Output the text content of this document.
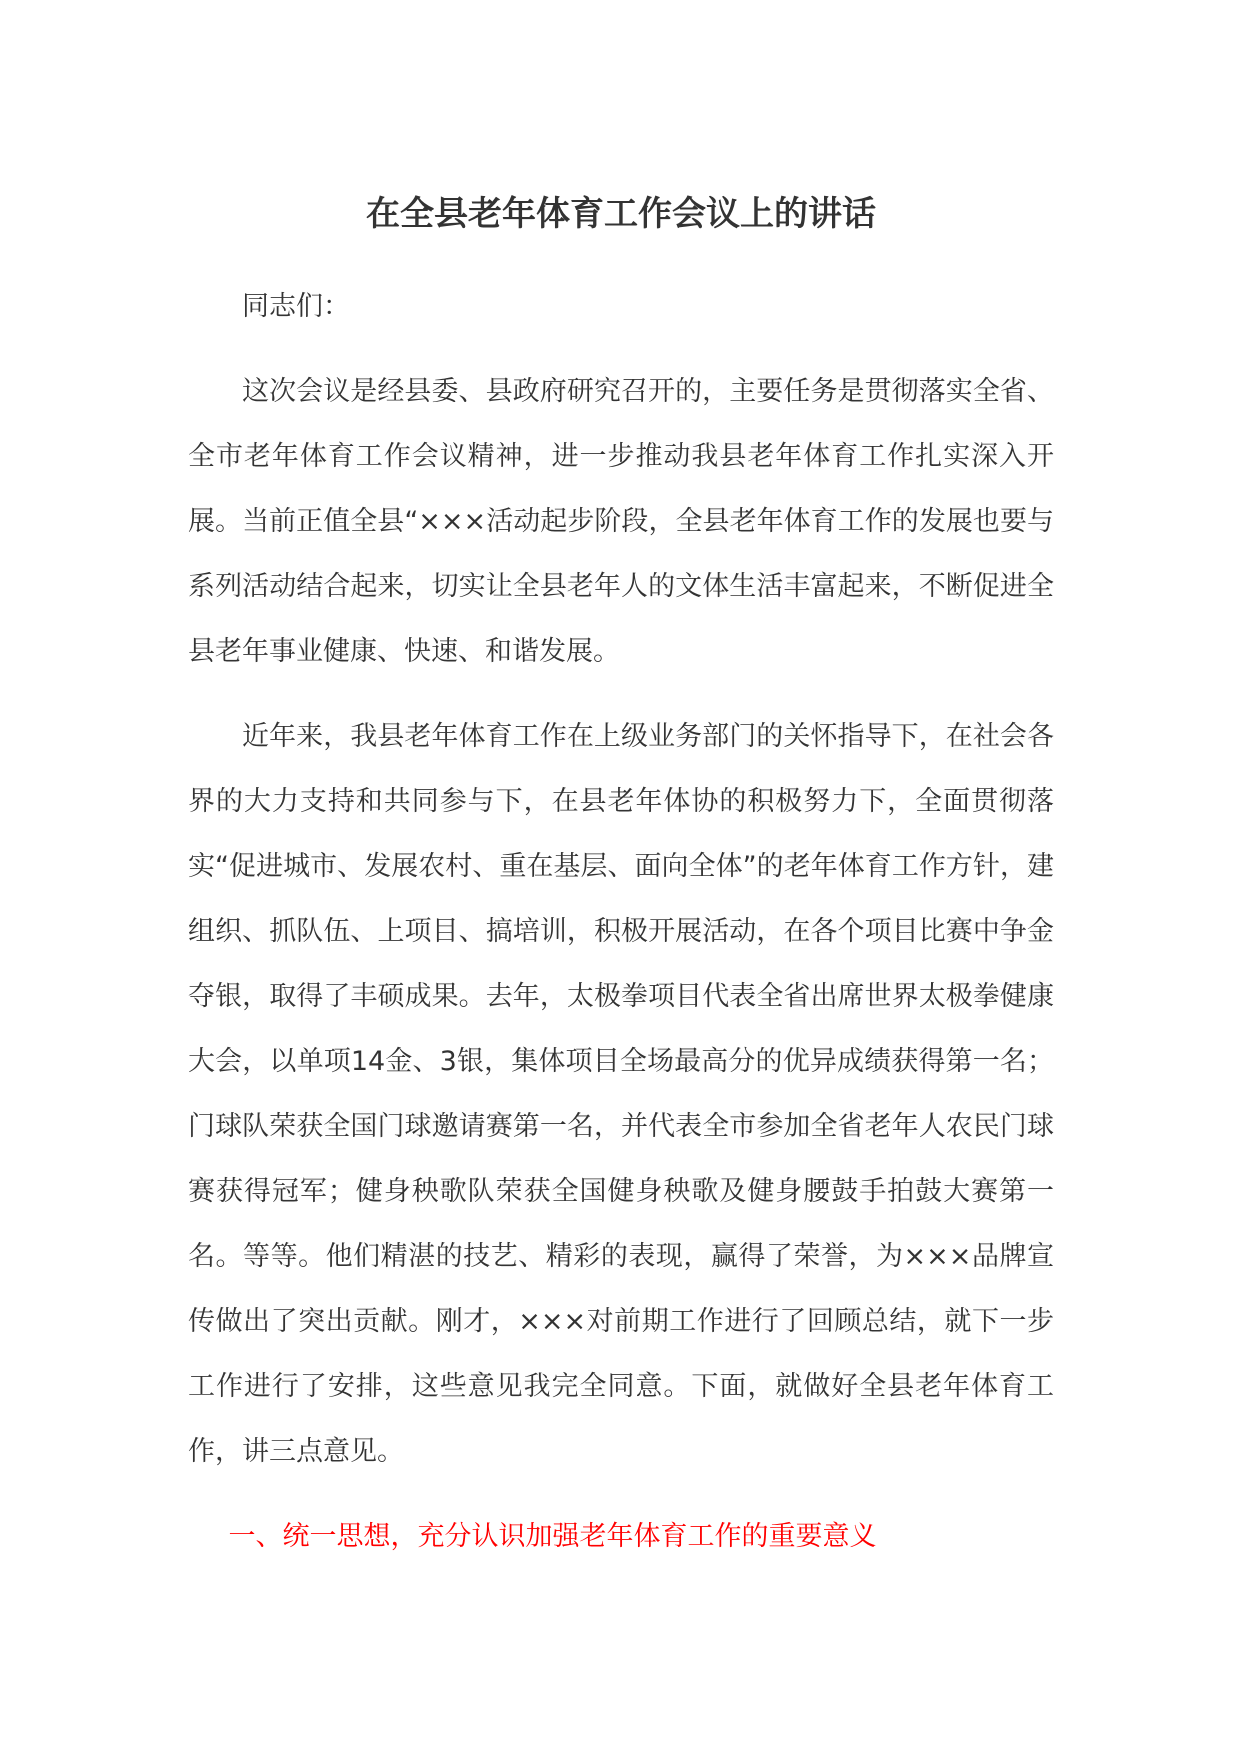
在全县老年体育工作会议上的讲话

同志们：

这次会议是经县委、县政府研究召开的，主要任务是贯彻落实全省、全市老年体育工作会议精神，进一步推动我县老年体育工作扎实深入开展。当前正值全县“×××活动起步阶段，全县老年体育工作的发展也要与系列活动结合起来，切实让全县老年人的文体生活丰富起来，不断促进全县老年事业健康、快速、和谐发展。

近年来，我县老年体育工作在上级业务部门的关怀指导下，在社会各界的大力支持和共同参与下，在县老年体协的积极努力下，全面贯彻落实“促进城市、发展农村、重在基层、面向全体”的老年体育工作方针，建组织、抓队伍、上项目、搞培训，积极开展活动，在各个项目比赛中争金夺银，取得了丰硕成果。去年，太极拳项目代表全省出席世界太极拳健康大会，以单项14金、3银，集体项目全场最高分的优异成绩获得第一名；门球队荣获全国门球邀请赛第一名，并代表全市参加全省老年人农民门球赛获得冠军；健身秧歌队荣获全国健身秧歌及健身腰鼓手拍鼓大赛第一名。等等。他们精湛的技艺、精彩的表现，赢得了荣誉，为×××品牌宣传做出了突出贡献。刚才，×××对前期工作进行了回顾总结，就下一步工作进行了安排，这些意见我完全同意。下面，就做好全县老年体育工作，讲三点意见。

一、统一思想，充分认识加强老年体育工作的重要意义
